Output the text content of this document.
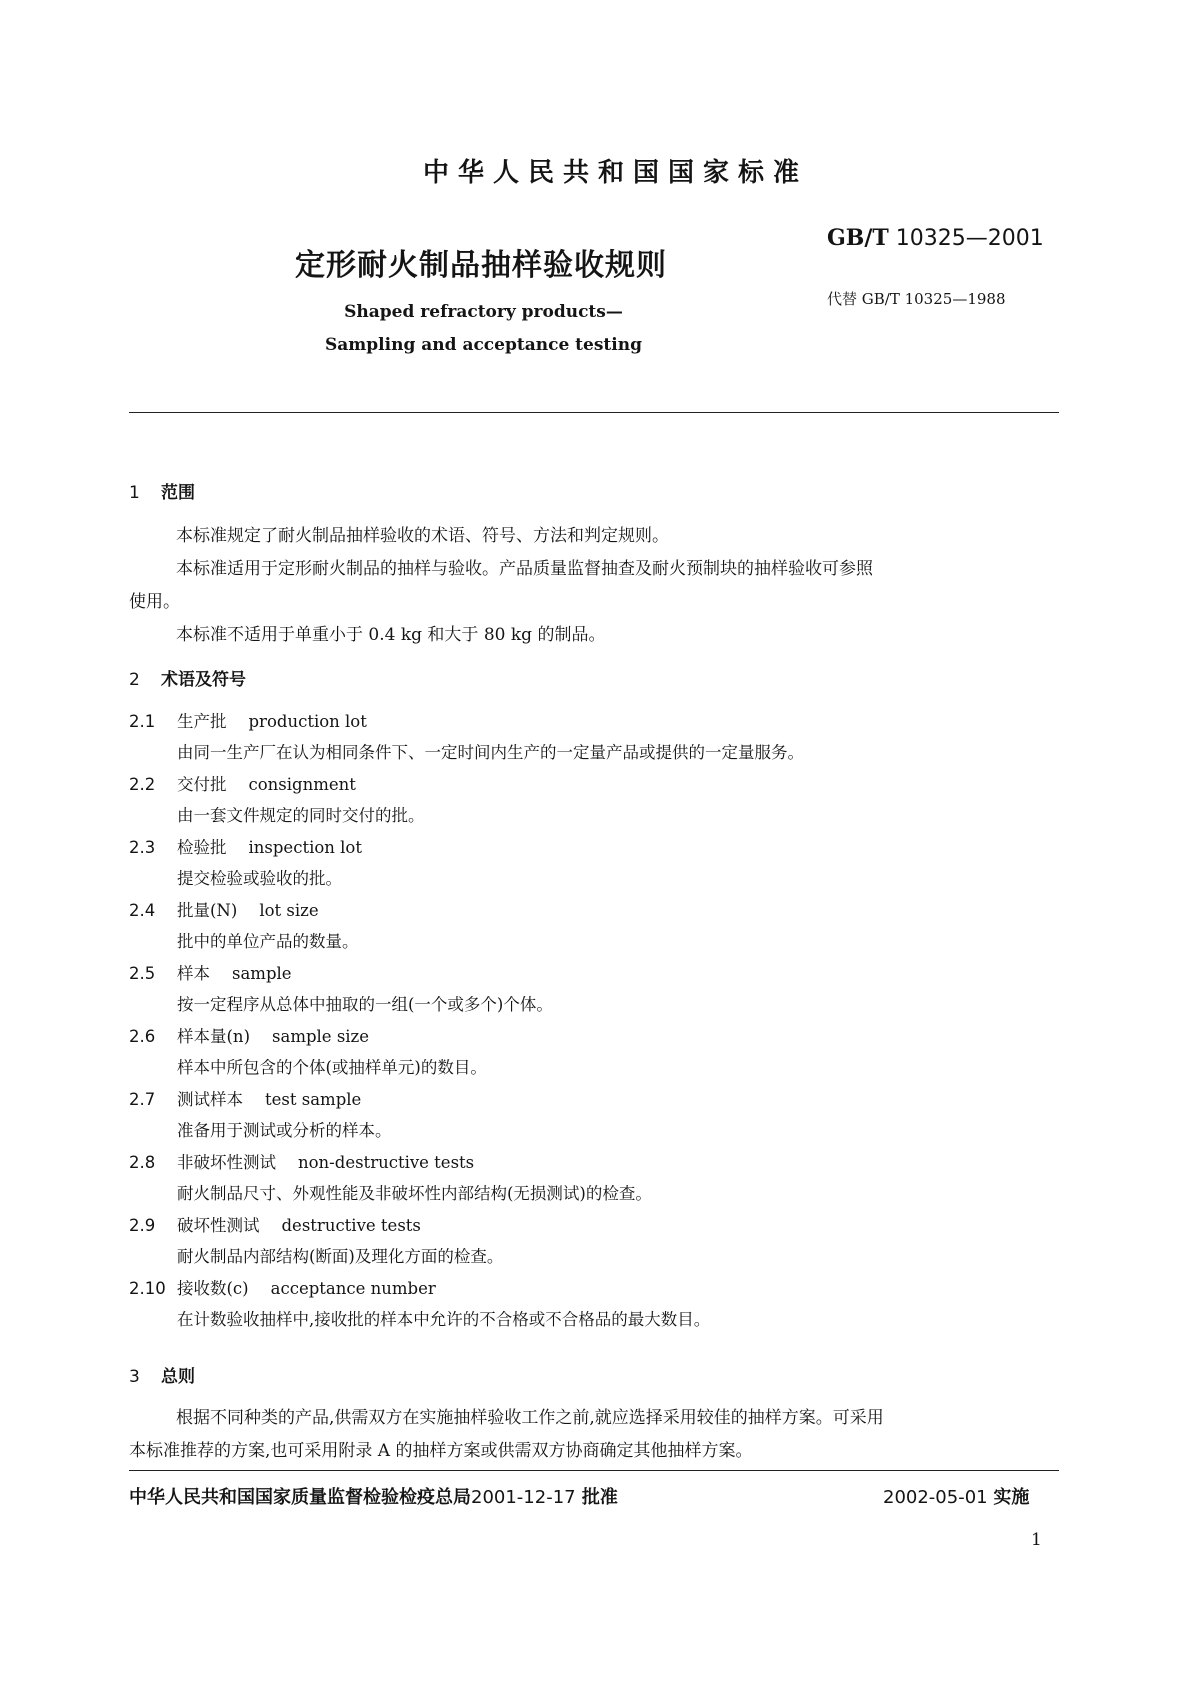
中华人民共和国国家标准
GB/T 10325—2001
代替 GB/T 10325—1988
定形耐火制品抽样验收规则
Shaped refractory products—
Sampling and acceptance testing
1 范围
本标准规定了耐火制品抽样验收的术语、符号、方法和判定规则。
本标准适用于定形耐火制品的抽样与验收。产品质量监督抽查及耐火预制块的抽样验收可参照
使用。
本标准不适用于单重小于 0.4 kg 和大于 80 kg 的制品。
2 术语及符号
2.1 生产批 production lot
由同一生产厂在认为相同条件下、一定时间内生产的一定量产品或提供的一定量服务。
2.2 交付批 consignment
由一套文件规定的同时交付的批。
2.3 检验批 inspection lot
提交检验或验收的批。
2.4 批量(N) lot size
批中的单位产品的数量。
2.5 样本 sample
按一定程序从总体中抽取的一组(一个或多个)个体。
2.6 样本量(n) sample size
样本中所包含的个体(或抽样单元)的数目。
2.7 测试样本 test sample
准备用于测试或分析的样本。
2.8 非破坏性测试 non-destructive tests
耐火制品尺寸、外观性能及非破坏性内部结构(无损测试)的检查。
2.9 破坏性测试 destructive tests
耐火制品内部结构(断面)及理化方面的检查。
2.10 接收数(c) acceptance number
在计数验收抽样中,接收批的样本中允许的不合格或不合格品的最大数目。
3 总则
根据不同种类的产品,供需双方在实施抽样验收工作之前,就应选择采用较佳的抽样方案。可采用
本标准推荐的方案,也可采用附录 A 的抽样方案或供需双方协商确定其他抽样方案。
中华人民共和国国家质量监督检验检疫总局2001-12-17 批准	2002-05-01 实施
1
